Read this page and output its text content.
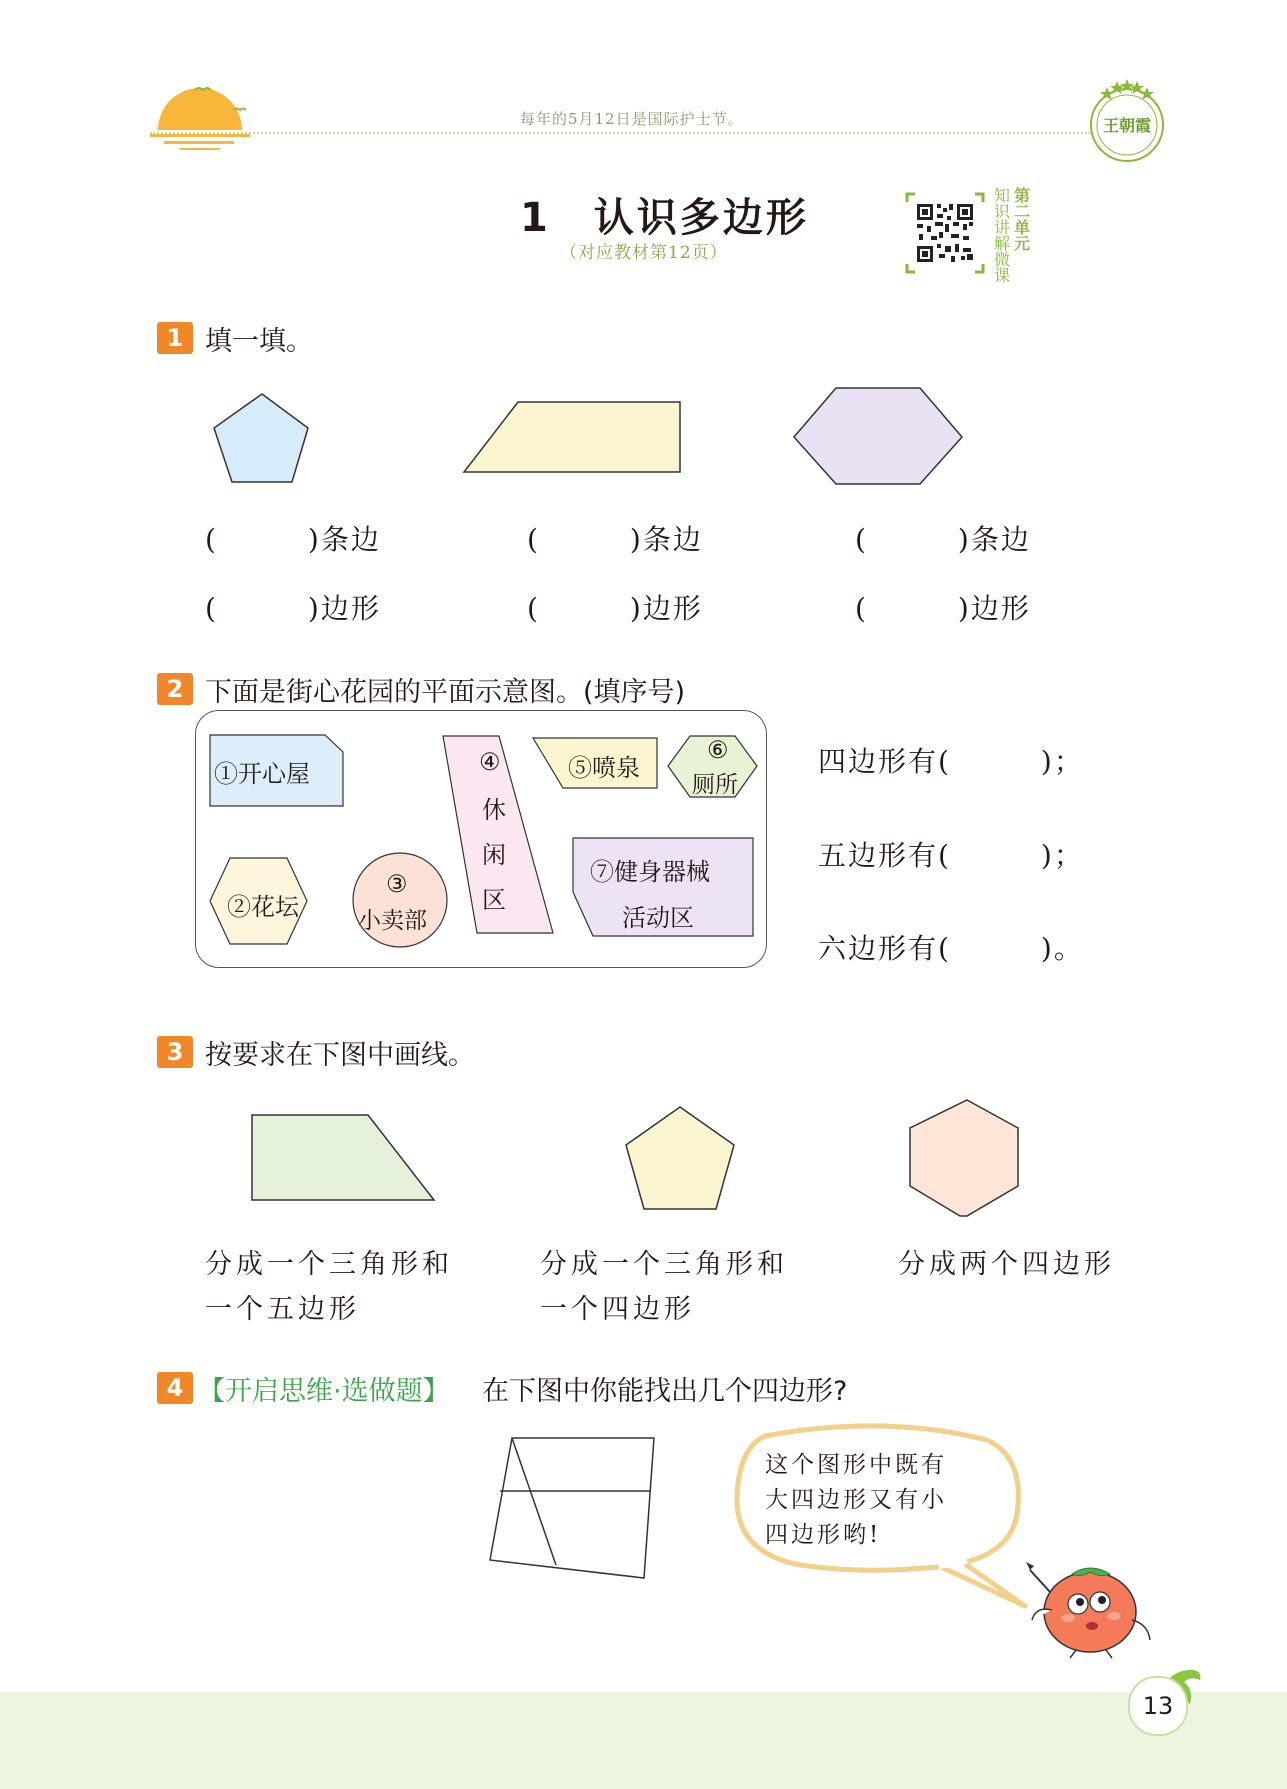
每年的5月12日是国际护士节。	王朝霞
1　认识多边形
（对应教材第12页）
第二单元
知识讲解微课
1 填一填。
(　　　)条边
(　　　)边形
(　　　)条边
(　　　)边形
(　　　)条边
(　　　)边形
2 下面是街心花园的平面示意图。(填序号)
①开心屋
②花坛
③
小卖部
④
休
闲
区
⑤喷泉
⑥
厕所
⑦健身器械
活动区
四边形有(　　　)；
五边形有(　　　)；
六边形有(　　　)。
3 按要求在下图中画线。
分成一个三角形和
一个五边形
分成一个三角形和
一个四边形
分成两个四边形
4 【开启思维·选做题】 在下图中你能找出几个四边形?
这个图形中既有
大四边形又有小
四边形哟!
13
